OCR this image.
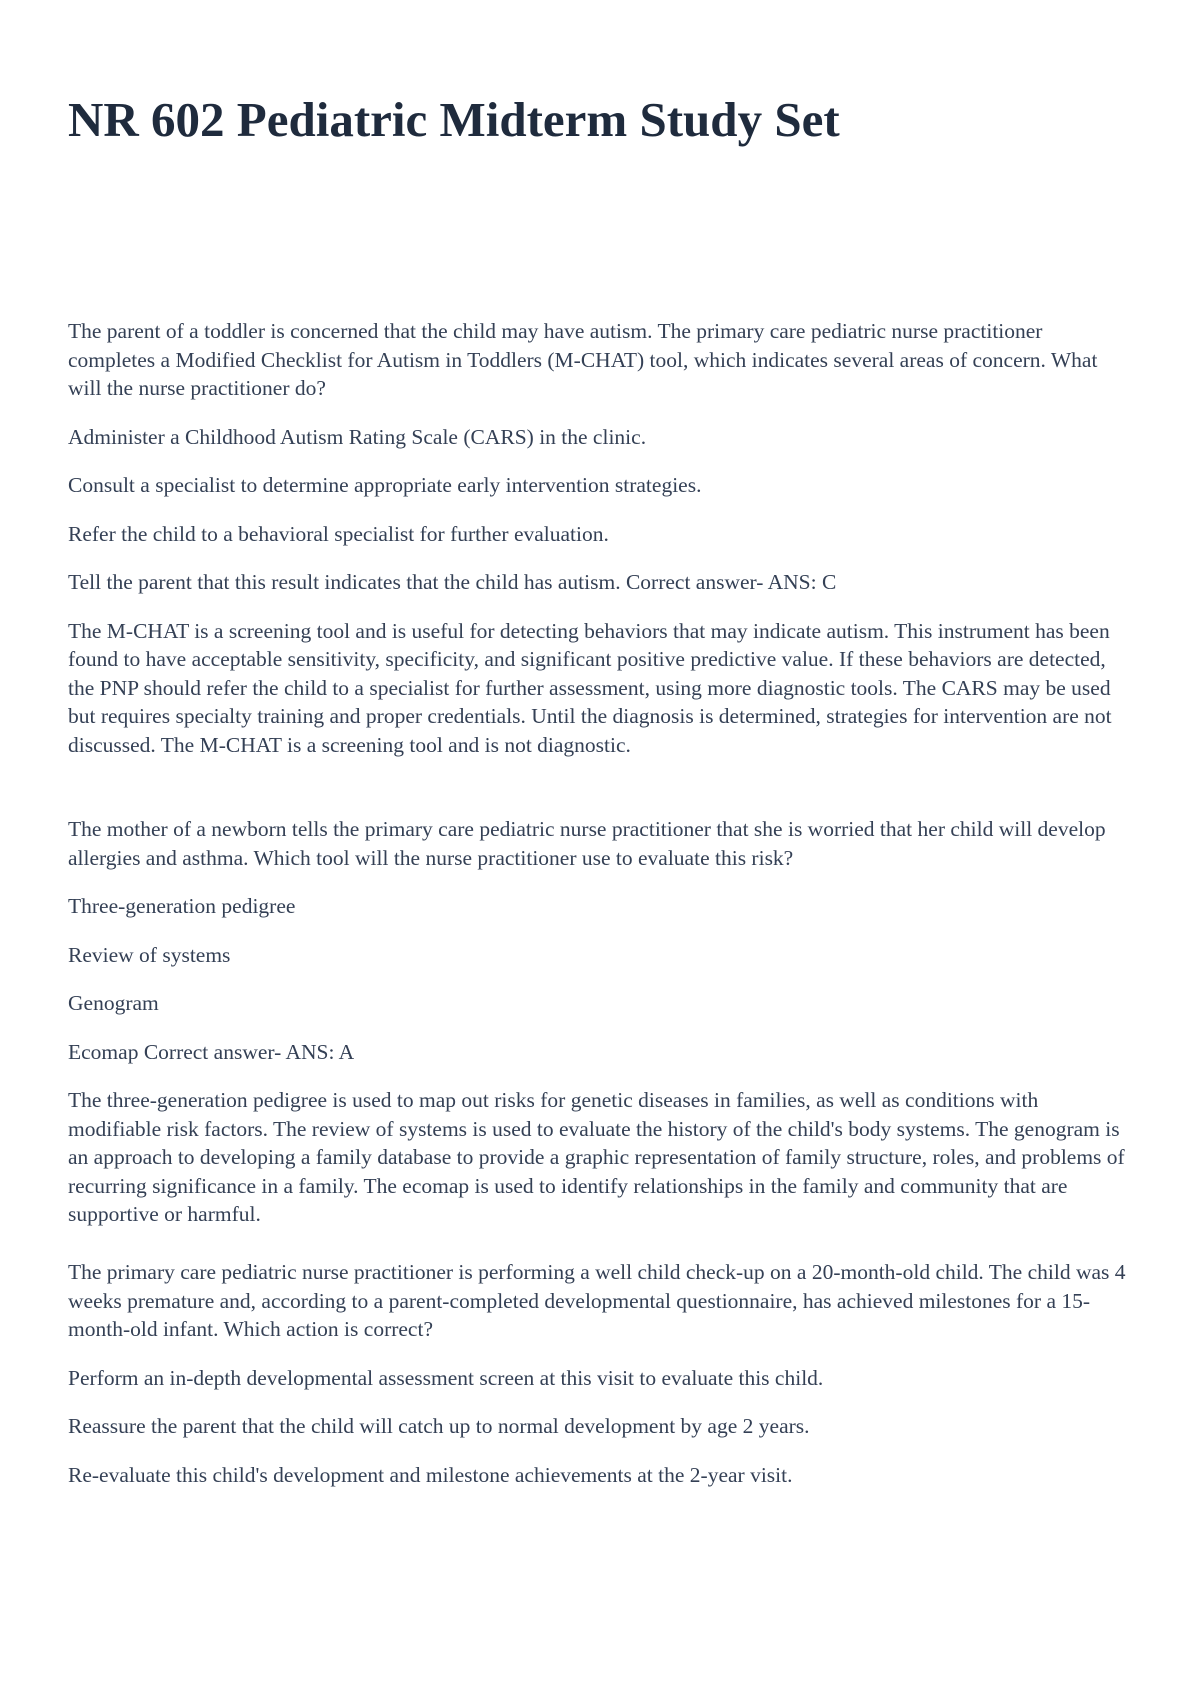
NR 602 Pediatric Midterm Study Set

The parent of a toddler is concerned that the child may have autism. The primary care pediatric nurse practitioner completes a Modified Checklist for Autism in Toddlers (M-CHAT) tool, which indicates several areas of concern. What will the nurse practitioner do?

Administer a Childhood Autism Rating Scale (CARS) in the clinic.

Consult a specialist to determine appropriate early intervention strategies.

Refer the child to a behavioral specialist for further evaluation.

Tell the parent that this result indicates that the child has autism. Correct answer- ANS: C

The M-CHAT is a screening tool and is useful for detecting behaviors that may indicate autism. This instrument has been found to have acceptable sensitivity, specificity, and significant positive predictive value. If these behaviors are detected, the PNP should refer the child to a specialist for further assessment, using more diagnostic tools. The CARS may be used but requires specialty training and proper credentials. Until the diagnosis is determined, strategies for intervention are not discussed. The M-CHAT is a screening tool and is not diagnostic.

The mother of a newborn tells the primary care pediatric nurse practitioner that she is worried that her child will develop allergies and asthma. Which tool will the nurse practitioner use to evaluate this risk?

Three-generation pedigree

Review of systems

Genogram

Ecomap Correct answer- ANS: A

The three-generation pedigree is used to map out risks for genetic diseases in families, as well as conditions with modifiable risk factors. The review of systems is used to evaluate the history of the child's body systems. The genogram is an approach to developing a family database to provide a graphic representation of family structure, roles, and problems of recurring significance in a family. The ecomap is used to identify relationships in the family and community that are supportive or harmful.

The primary care pediatric nurse practitioner is performing a well child check-up on a 20-month-old child. The child was 4 weeks premature and, according to a parent-completed developmental questionnaire, has achieved milestones for a 15-month-old infant. Which action is correct?

Perform an in-depth developmental assessment screen at this visit to evaluate this child.

Reassure the parent that the child will catch up to normal development by age 2 years.

Re-evaluate this child's development and milestone achievements at the 2-year visit.
